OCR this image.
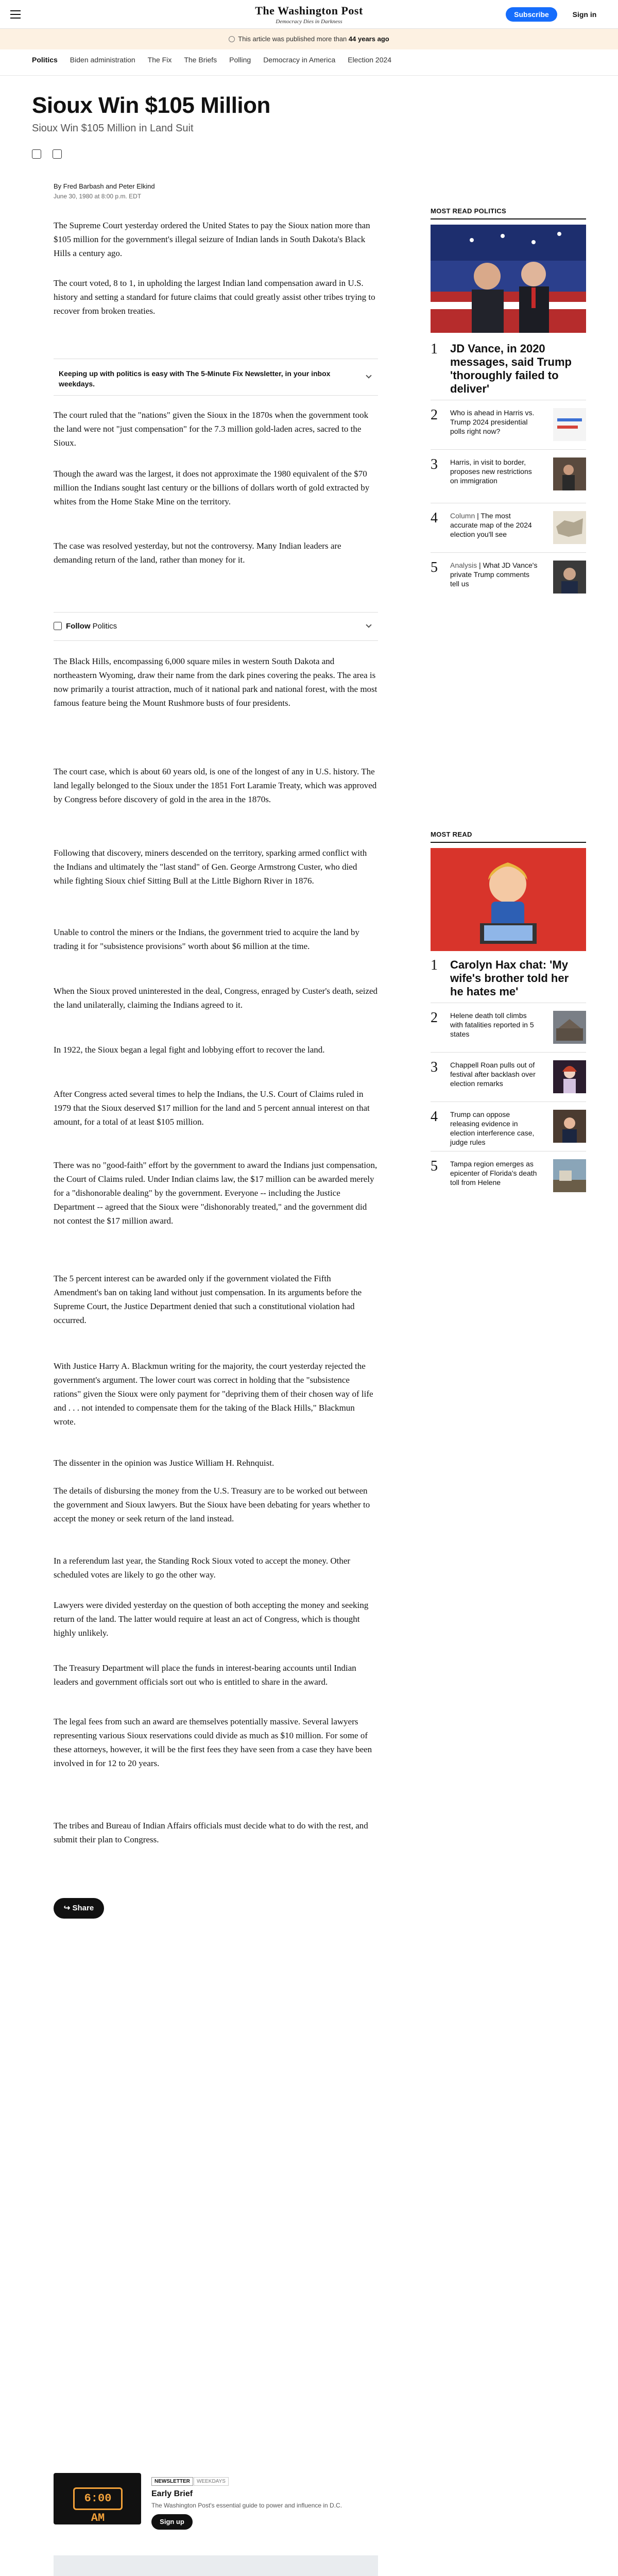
The Washington Post
Democracy Dies in Darkness
Subscribe	Sign in
This article was published more than 44 years ago
Politics Biden administration The Fix The Briefs Polling Democracy in America Election 2024
Sioux Win $105 Million
Sioux Win $105 Million in Land Suit
By Fred Barbash and Peter Elkind
June 30, 1980 at 8:00 p.m. EDT

The Supreme Court yesterday ordered the United States to pay the Sioux nation more than $105 million for the government's illegal seizure of Indian lands in South Dakota's Black Hills a century ago.

The court voted, 8 to 1, in upholding the largest Indian land compensation award in U.S. history and setting a standard for future claims that could greatly assist other tribes trying to recover from broken treaties.

Keeping up with politics is easy with The 5-Minute Fix Newsletter, in your inbox weekdays.

The court ruled that the "nations" given the Sioux in the 1870s when the government took the land were not "just compensation" for the 7.3 million gold-laden acres, sacred to the Sioux.

Though the award was the largest, it does not approximate the 1980 equivalent of the $70 million the Indians sought last century or the billions of dollars worth of gold extracted by whites from the Home Stake Mine on the territory.

The case was resolved yesterday, but not the controversy. Many Indian leaders are demanding return of the land, rather than money for it.

Follow Politics

The Black Hills, encompassing 6,000 square miles in western South Dakota and northeastern Wyoming, draw their name from the dark pines covering the peaks. The area is now primarily a tourist attraction, much of it national park and national forest, with the most famous feature being the Mount Rushmore busts of four presidents.

The court case, which is about 60 years old, is one of the longest of any in U.S. history. The land legally belonged to the Sioux under the 1851 Fort Laramie Treaty, which was approved by Congress before discovery of gold in the area in the 1870s.

Following that discovery, miners descended on the territory, sparking armed conflict with the Indians and ultimately the "last stand" of Gen. George Armstrong Custer, who died while fighting Sioux chief Sitting Bull at the Little Bighorn River in 1876.

Unable to control the miners or the Indians, the government tried to acquire the land by trading it for "subsistence provisions" worth about $6 million at the time.

When the Sioux proved uninterested in the deal, Congress, enraged by Custer's death, seized the land unilaterally, claiming the Indians agreed to it.

In 1922, the Sioux began a legal fight and lobbying effort to recover the land.

After Congress acted several times to help the Indians, the U.S. Court of Claims ruled in 1979 that the Sioux deserved $17 million for the land and 5 percent annual interest on that amount, for a total of at least $105 million.

There was no "good-faith" effort by the government to award the Indians just compensation, the Court of Claims ruled. Under Indian claims law, the $17 million can be awarded merely for a "dishonorable dealing" by the government. Everyone -- including the Justice Department -- agreed that the Sioux were "dishonorably treated," and the government did not contest the $17 million award.

The 5 percent interest can be awarded only if the government violated the Fifth Amendment's ban on taking land without just compensation. In its arguments before the Supreme Court, the Justice Department denied that such a constitutional violation had occurred.

With Justice Harry A. Blackmun writing for the majority, the court yesterday rejected the government's argument. The lower court was correct in holding that the "subsistence rations" given the Sioux were only payment for "depriving them of their chosen way of life and . . . not intended to compensate them for the taking of the Black Hills," Blackmun wrote.

The dissenter in the opinion was Justice William H. Rehnquist.

The details of disbursing the money from the U.S. Treasury are to be worked out between the government and Sioux lawyers. But the Sioux have been debating for years whether to accept the money or seek return of the land instead.

In a referendum last year, the Standing Rock Sioux voted to accept the money. Other scheduled votes are likely to go the other way.

Lawyers were divided yesterday on the question of both accepting the money and seeking return of the land. The latter would require at least an act of Congress, which is thought highly unlikely.

The Treasury Department will place the funds in interest-bearing accounts until Indian leaders and government officials sort out who is entitled to share in the award.

The legal fees from such an award are themselves potentially massive. Several lawyers representing various Sioux reservations could divide as much as $10 million. For some of these attorneys, however, it will be the first fees they have seen from a case they have been involved in for 12 to 20 years.

The tribes and Bureau of Indian Affairs officials must decide what to do with the rest, and submit their plan to Congress.

↪ Share
MOST READ POLITICS
1 JD Vance, in 2020 messages, said Trump 'thoroughly failed to deliver'
2 Who is ahead in Harris vs. Trump 2024 presidential polls right now?
3 Harris, in visit to border, proposes new restrictions on immigration
4 Column | The most accurate map of the 2024 election you'll see
5 Analysis | What JD Vance's private Trump comments tell us
MOST READ
1 Carolyn Hax chat: 'My wife's brother told her he hates me'
2 Helene death toll climbs with fatalities reported in 5 states
3 Chappell Roan pulls out of festival after backlash over election remarks
4 Trump can oppose releasing evidence in election interference case, judge rules
5 Tampa region emerges as epicenter of Florida's death toll from Helene
6:00 AM
NEWSLETTER	WEEKDAYS
Early Brief
The Washington Post's essential guide to power and influence in D.C.
Sign up
